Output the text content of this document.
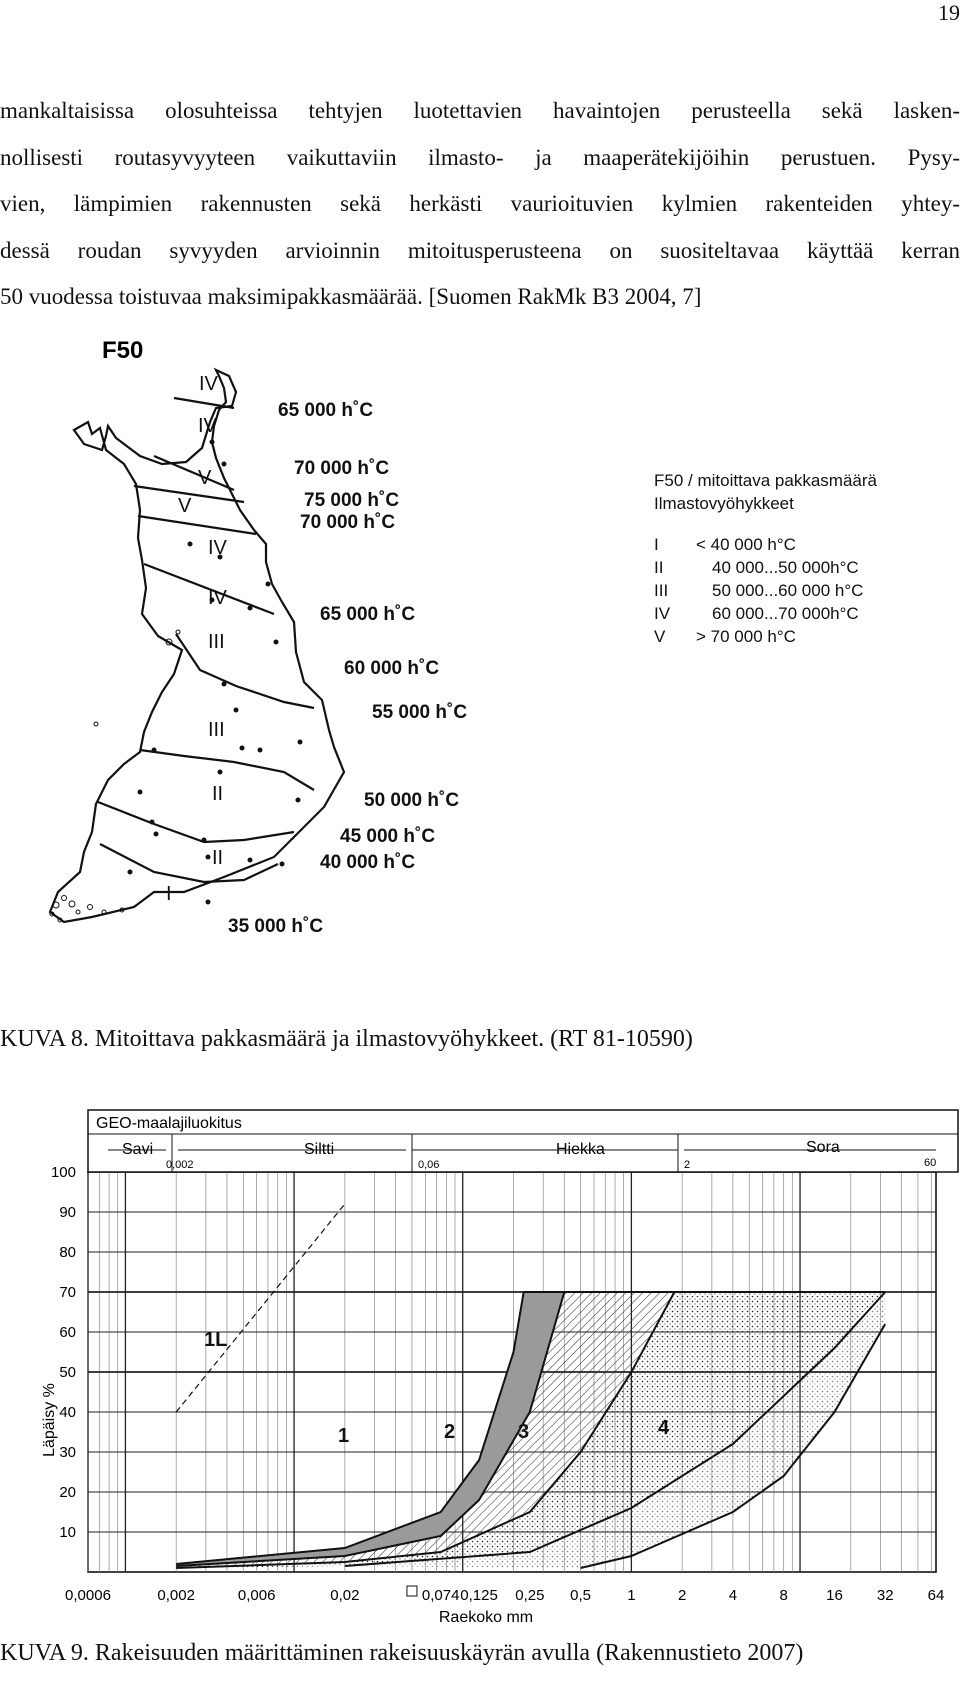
19
mankaltaisissa olosuhteissa tehtyjen luotettavien havaintojen perusteella sekä lasken-
nollisesti routasyvyyteen vaikuttaviin ilmasto- ja maaperätekijöihin perustuen. Pysy-
vien, lämpimien rakennusten sekä herkästi vaurioituvien kylmien rakenteiden yhtey-
dessä roudan syvyyden arvioinnin mitoitusperusteena on suositeltavaa käyttää kerran
50 vuodessa toistuvaa maksimipakkasmäärää. [Suomen RakMk B3 2004, 7]
F50
IV
IV
V
V
IV
IV
III
III
II
II
I
65 000 h˚C
70 000 h˚C
75 000 h˚C
70 000 h˚C
65 000 h˚C
60 000 h˚C
55 000 h˚C
50 000 h˚C
45 000 h˚C
40 000 h˚C
35 000 h˚C
F50 / mitoittava pakkasmäärä
Ilmastovyöhykkeet
I < 40 000 h°C
II	40 000...50 000h°C
III	50 000...60 000 h°C
IV 60 000...70 000h°C
V > 70 000 h°C
KUVA 8. Mitoittava pakkasmäärä ja ilmastovyöhykkeet. (RT 81-10590)
GEO-maalajiluokitus
Savi	Siltti	Hiekka	Sora
0,002	0,06	2	60
10
20
30
40
50
60
70
80
90
100
0,0006	0,002	0,006	0,02	0,074 0,125 0,25 0,5 1	2	4	8	16 32 64
Läpäisy %
Raekoko mm
1L
1	2	3	4
KUVA 9. Rakeisuuden määrittäminen rakeisuuskäyrän avulla (Rakennustieto 2007)
